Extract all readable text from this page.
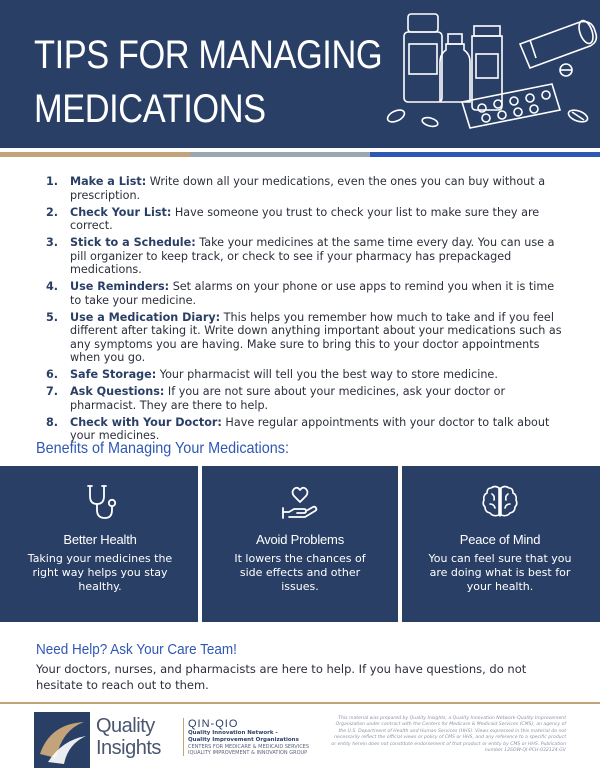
TIPS FOR MANAGING
MEDICATIONS
1. Make a List: Write down all your medications, even the ones you can buy without a prescription.
2. Check Your List: Have someone you trust to check your list to make sure they are correct.
3. Stick to a Schedule: Take your medicines at the same time every day. You can use a pill organizer to keep track, or check to see if your pharmacy has prepackaged medications.
4. Use Reminders: Set alarms on your phone or use apps to remind you when it is time to take your medicine.
5. Use a Medication Diary: This helps you remember how much to take and if you feel different after taking it. Write down anything important about your medications such as any symptoms you are having. Make sure to bring this to your doctor appointments when you go.
6. Safe Storage: Your pharmacist will tell you the best way to store medicine.
7. Ask Questions: If you are not sure about your medicines, ask your doctor or pharmacist. They are there to help.
8. Check with Your Doctor: Have regular appointments with your doctor to talk about your medicines.
Benefits of Managing Your Medications:
Better Health

Taking your medicines the right way helps you stay healthy.

Avoid Problems

It lowers the chances of side effects and other issues.

Peace of Mind

You can feel sure that you are doing what is best for your health.

Need Help? Ask Your Care Team!

Your doctors, nurses, and pharmacists are here to help. If you have questions, do not hesitate to reach out to them.

Quality
Insights
QIN-QIO
Quality Innovation Network -
Quality Improvement Organizations
CENTERS FOR MEDICARE & MEDICAID SERVICES
IQUALITY IMPROVEMENT & INNOVATION GROUP

This material was prepared by Quality Insights, a Quality Innovation Network-Quality Improvement Organization under contract with the Centers for Medicare & Medicaid Services (CMS), an agency of the U.S. Department of Health and Human Services (HHS). Views expressed in this material do not necessarily reflect the official views or policy of CMS or HHS, and any reference to a specific product or entity herein does not constitute endorsement of that product or entity by CMS or HHS. Publication number 12SOW-QI-PCH-032124-GV
